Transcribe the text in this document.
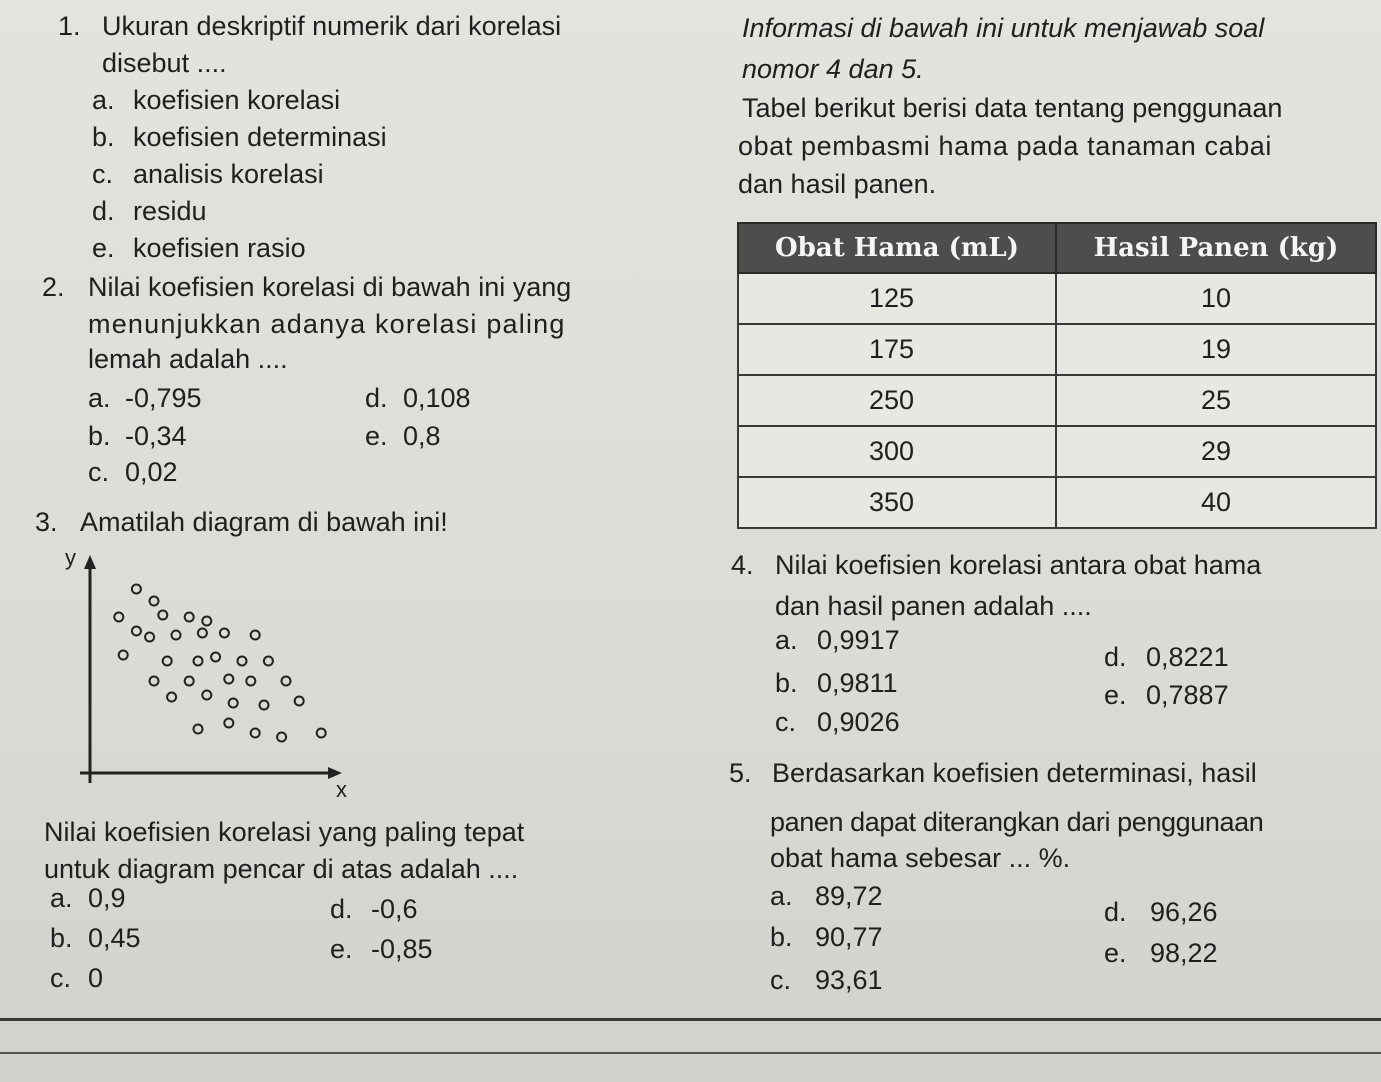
1. Ukuran deskriptif numerik dari korelasi
disebut ....
a. koefisien korelasi
b. koefisien determinasi
c. analisis korelasi
d. residu
e. koefisien rasio
2. Nilai koefisien korelasi di bawah ini yang
menunjukkan adanya korelasi paling
lemah adalah ....
a. -0,795
b. -0,34
c. 0,02
d. 0,108
e. 0,8
3. Amatilah diagram di bawah ini!
x
y
Nilai koefisien korelasi yang paling tepat
untuk diagram pencar di atas adalah ....
a. 0,9
b. 0,45
c. 0
d. -0,6
e. -0,85
Informasi di bawah ini untuk menjawab soal
nomor 4 dan 5.
Tabel berikut berisi data tentang penggunaan
obat pembasmi hama pada tanaman cabai
dan hasil panen.
Obat Hama (mL)	Hasil Panen (kg)
125	10
175	19
250	25
300	29
350	40
4. Nilai koefisien korelasi antara obat hama
dan hasil panen adalah ....
a. 0,9917
b. 0,9811
c. 0,9026
d. 0,8221
e. 0,7887
5. Berdasarkan koefisien determinasi, hasil
panen dapat diterangkan dari penggunaan
obat hama sebesar ... %.
a. 89,72
b. 90,77
c. 93,61
d. 96,26
e. 98,22
